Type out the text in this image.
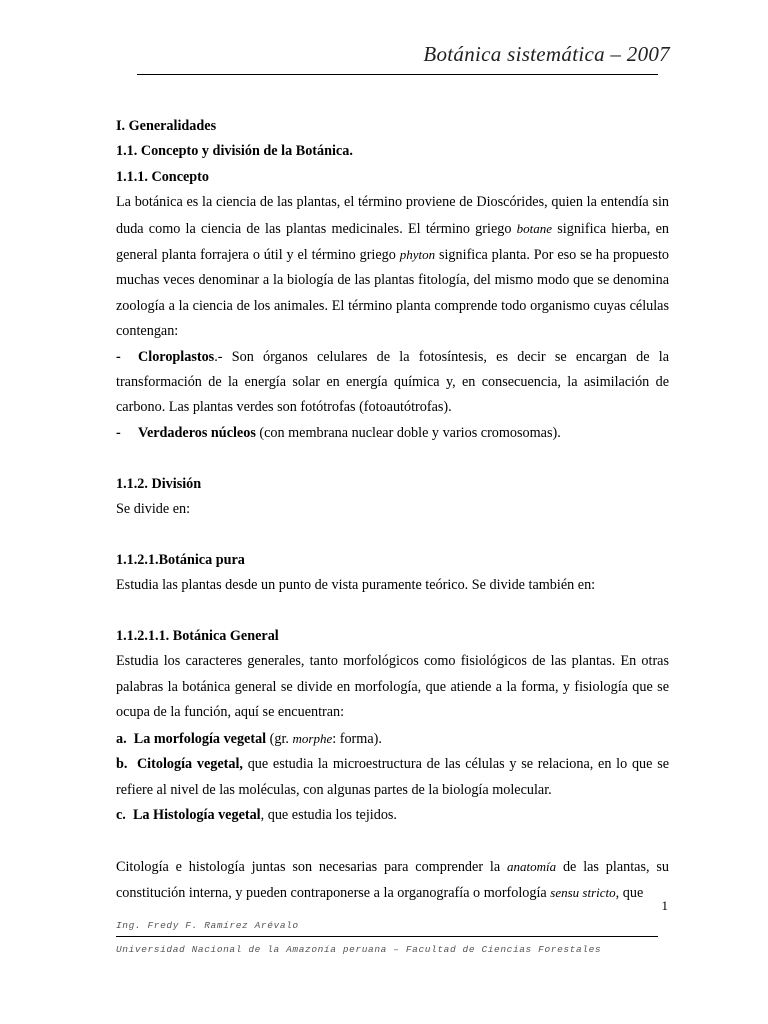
Botánica sistemática – 2007

I. Generalidades

1.1. Concepto y división de la Botánica.

1.1.1. Concepto

La botánica es la ciencia de las plantas, el término proviene de Dioscórides, quien la entendía sin duda como la ciencia de las plantas medicinales. El término griego botane significa hierba, en general planta forrajera o útil y el término griego phyton significa planta. Por eso se ha propuesto muchas veces denominar a la biología de las plantas fitología, del mismo modo que se denomina zoología a la ciencia de los animales. El término planta comprende todo organismo cuyas células contengan:

- Cloroplastos.- Son órganos celulares de la fotosíntesis, es decir se encargan de la transformación de la energía solar en energía química y, en consecuencia, la asimilación de carbono. Las plantas verdes son fotótrofas (fotoautótrofas).

- Verdaderos núcleos (con membrana nuclear doble y varios cromosomas).

1.1.2. División

Se divide en:

1.1.2.1.Botánica pura

Estudia las plantas desde un punto de vista puramente teórico. Se divide también en:

1.1.2.1.1. Botánica General

Estudia los caracteres generales, tanto morfológicos como fisiológicos de las plantas. En otras palabras la botánica general se divide en morfología, que atiende a la forma, y fisiología que se ocupa de la función, aquí se encuentran:

a. La morfología vegetal (gr. morphe: forma).

b. Citología vegetal, que estudia la microestructura de las células y se relaciona, en lo que se refiere al nivel de las moléculas, con algunas partes de la biología molecular.

c. La Histología vegetal, que estudia los tejidos.

Citología e histología juntas son necesarias para comprender la anatomía de las plantas, su constitución interna, y pueden contraponerse a la organografía o morfología sensu stricto, que

1
Ing. Fredy F. Ramírez Arévalo
Universidad Nacional de la Amazonía peruana – Facultad de Ciencias Forestales
